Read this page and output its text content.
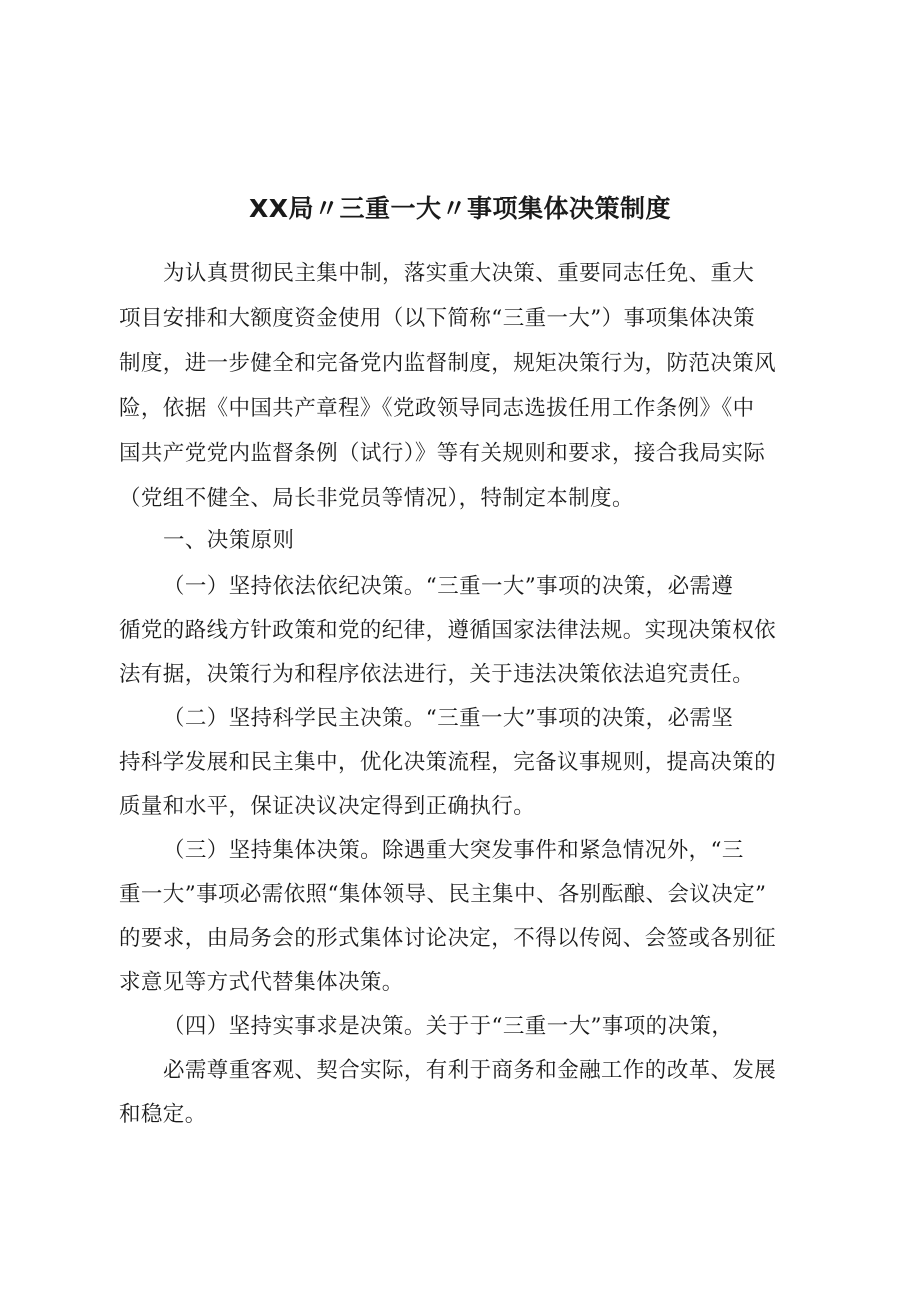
XX局〃三重一大〃事项集体决策制度
为认真贯彻民主集中制，落实重大决策、重要同志任免、重大
项目安排和大额度资金使用（以下简称“三重一大”）事项集体决策
制度，进一步健全和完备党内监督制度，规矩决策行为，防范决策风
险，依据《中国共产章程》《党政领导同志选拔任用工作条例》《中
国共产党党内监督条例（试行）》等有关规则和要求，接合我局实际
（党组不健全、局长非党员等情况），特制定本制度。
一、决策原则
（一）坚持依法依纪决策。“三重一大”事项的决策，必需遵
循党的路线方针政策和党的纪律，遵循国家法律法规。实现决策权依
法有据，决策行为和程序依法进行，关于违法决策依法追究责任。
（二）坚持科学民主决策。“三重一大”事项的决策，必需坚
持科学发展和民主集中，优化决策流程，完备议事规则，提高决策的
质量和水平，保证决议决定得到正确执行。
（三）坚持集体决策。除遇重大突发事件和紧急情况外，“三
重一大”事项必需依照“集体领导、民主集中、各别酝酿、会议决定”
的要求，由局务会的形式集体讨论决定，不得以传阅、会签或各别征
求意见等方式代替集体决策。
（四）坚持实事求是决策。关于于“三重一大”事项的决策，
必需尊重客观、契合实际，有利于商务和金融工作的改革、发展
和稳定。
